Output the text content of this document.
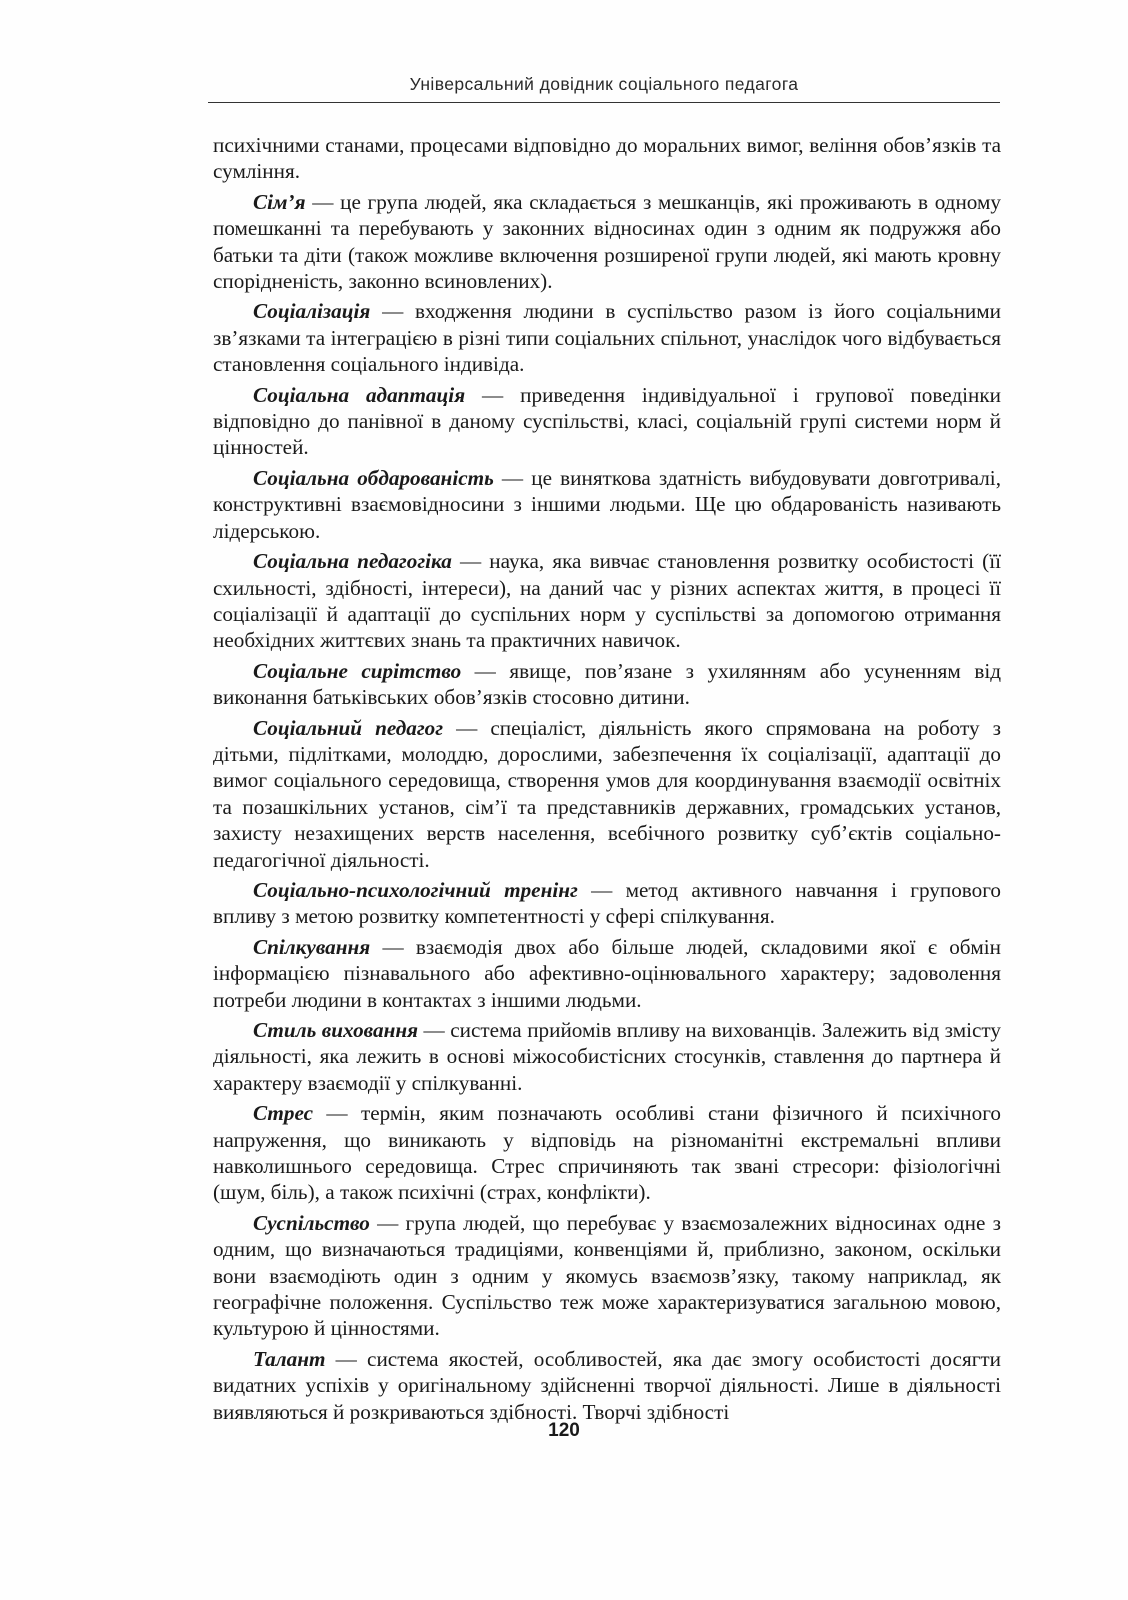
Універсальний довідник соціального педагога

психічними станами, процесами відповідно до моральних вимог, веління обов’язків та сумління.

Сім’я — це група людей, яка складається з мешканців, які проживають в одному помешканні та перебувають у законних відносинах один з одним як подружжя або батьки та діти (також можливе включення розширеної групи людей, які мають кровну спорідненість, законно всиновлених).

Соціалізація — входження людини в суспільство разом із його соціальними зв’язками та інтеграцією в різні типи соціальних спільнот, унаслідок чого відбувається становлення соціального індивіда.

Соціальна адаптація — приведення індивідуальної і групової поведінки відповідно до панівної в даному суспільстві, класі, соціальній групі системи норм й цінностей.

Соціальна обдарованість — це виняткова здатність вибудовувати довготривалі, конструктивні взаємовідносини з іншими людьми. Ще цю обдарованість називають лідерською.

Соціальна педагогіка — наука, яка вивчає становлення розвитку особистості (її схильності, здібності, інтереси), на даний час у різних аспектах життя, в процесі її соціалізації й адаптації до суспільних норм у суспільстві за допомогою отримання необхідних життєвих знань та практичних навичок.

Соціальне сирітство — явище, пов’язане з ухилянням або усуненням від виконання батьківських обов’язків стосовно дитини.

Соціальний педагог — спеціаліст, діяльність якого спрямована на роботу з дітьми, підлітками, молоддю, дорослими, забезпечення їх соціалізації, адаптації до вимог соціального середовища, створення умов для координування взаємодії освітніх та позашкільних установ, сім’ї та представників державних, громадських установ, захисту незахищених верств населення, всебічного розвитку суб’єктів соціально-педагогічної діяльності.

Соціально-психологічний тренінг — метод активного навчання і групового впливу з метою розвитку компетентності у сфері спілкування.

Спілкування — взаємодія двох або більше людей, складовими якої є обмін інформацією пізнавального або афективно-оцінювального характеру; задоволення потреби людини в контактах з іншими людьми.

Стиль виховання — система прийомів впливу на вихованців. Залежить від змісту діяльності, яка лежить в основі міжособистісних стосунків, ставлення до партнера й характеру взаємодії у спілкуванні.

Стрес — термін, яким позначають особливі стани фізичного й психічного напруження, що виникають у відповідь на різноманітні екстремальні впливи навколишнього середовища. Стрес спричиняють так звані стресори: фізіологічні (шум, біль), а також психічні (страх, конфлікти).

Суспільство — група людей, що перебуває у взаємозалежних відносинах одне з одним, що визначаються традиціями, конвенціями й, приблизно, законом, оскільки вони взаємодіють один з одним у якомусь взаємозв’язку, такому наприклад, як географічне положення. Суспільство теж може характеризуватися загальною мовою, культурою й цінностями.

Талант — система якостей, особливостей, яка дає змогу особистості досягти видатних успіхів у оригінальному здійсненні творчої діяльності. Лише в діяльності виявляються й розкриваються здібності. Творчі здібності

120
